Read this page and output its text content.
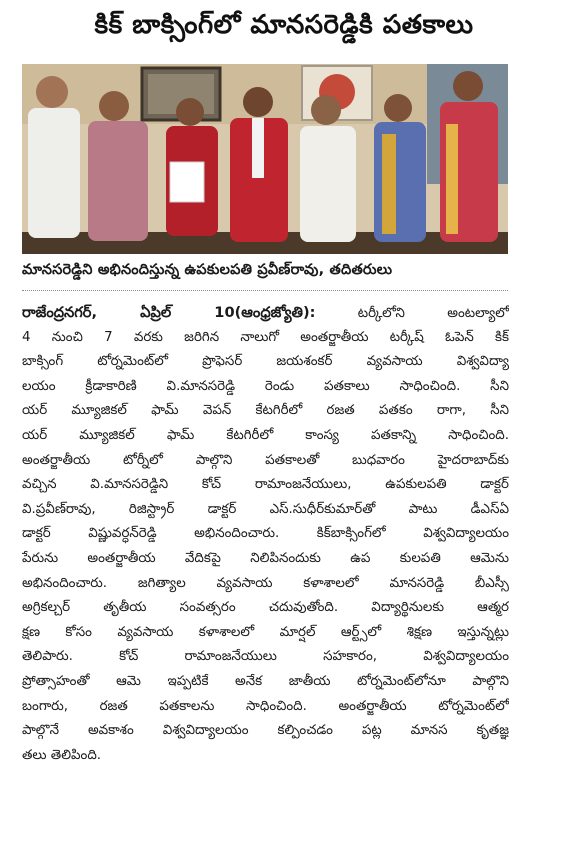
కిక్ బాక్సింగ్‌లో మానసరెడ్డికి పతకాలు
మానసరెడ్డిని అభినందిస్తున్న ఉపకులపతి ప్రవీణ్‌రావు, తదితరులు
రాజేంద్రనగర్, ఏప్రిల్ 10(ఆంధ్రజ్యోతి): టర్కీలోని అంటల్యాలో
4 నుంచి 7 వరకు జరిగిన నాలుగో అంతర్జాతీయ టర్కీష్ ఓపెన్ కిక్
బాక్సింగ్ టోర్నమెంట్‌లో ప్రొఫెసర్ జయశంకర్ వ్యవసాయ విశ్వవిద్యా
లయం క్రీడాకారిణి వి.మానసరెడ్డి రెండు పతకాలు సాధించింది. సీని
యర్ మ్యూజికల్ ఫామ్ వెపన్ కేటగిరీలో రజత పతకం రాగా, సీని
యర్ మ్యూజికల్ ఫామ్ కేటగిరీలో కాంస్య పతకాన్ని సాధించింది.
అంతర్జాతీయ టోర్నీలో పాల్గొని పతకాలతో బుధవారం హైదరాబాద్‌కు
వచ్చిన వి.మానసరెడ్డిని కోచ్ రామాంజనేయులు, ఉపకులపతి డాక్టర్
వి.ప్రవీణ్‌రావు, రిజిస్ట్రార్ డాక్టర్ ఎస్.సుధీర్‌కుమార్‌తో పాటు డీఎస్‌ఏ
డాక్టర్ విష్ణువర్ధన్‌రెడ్డి అభినందించారు. కిక్‌బాక్సింగ్‌లో విశ్వవిద్యాలయం
పేరును అంతర్జాతీయ వేదికపై నిలిపినందుకు ఉప కులపతి ఆమెను
అభినందించారు. జగిత్యాల వ్యవసాయ కళాశాలలో మానసరెడ్డి బీఎస్సీ
అగ్రికల్చర్ తృతీయ సంవత్సరం చదువుతోంది. విద్యార్థినులకు ఆత్మర
క్షణ కోసం వ్యవసాయ కళాశాలలో మార్షల్ ఆర్ట్స్‌లో శిక్షణ ఇస్తున్నట్లు
తెలిపారు. కోచ్ రామాంజనేయులు సహకారం, విశ్వవిద్యాలయం
ప్రోత్సాహంతో ఆమె ఇప్పటికే అనేక జాతీయ టోర్నమెంట్‌లోనూ పాల్గొని
బంగారు, రజత పతకాలను సాధించింది. అంతర్జాతీయ టోర్నమెంట్‌లో
పాల్గొనే అవకాశం విశ్వవిద్యాలయం కల్పించడం పట్ల మానస కృతజ్ఞ
తలు తెలిపింది.
